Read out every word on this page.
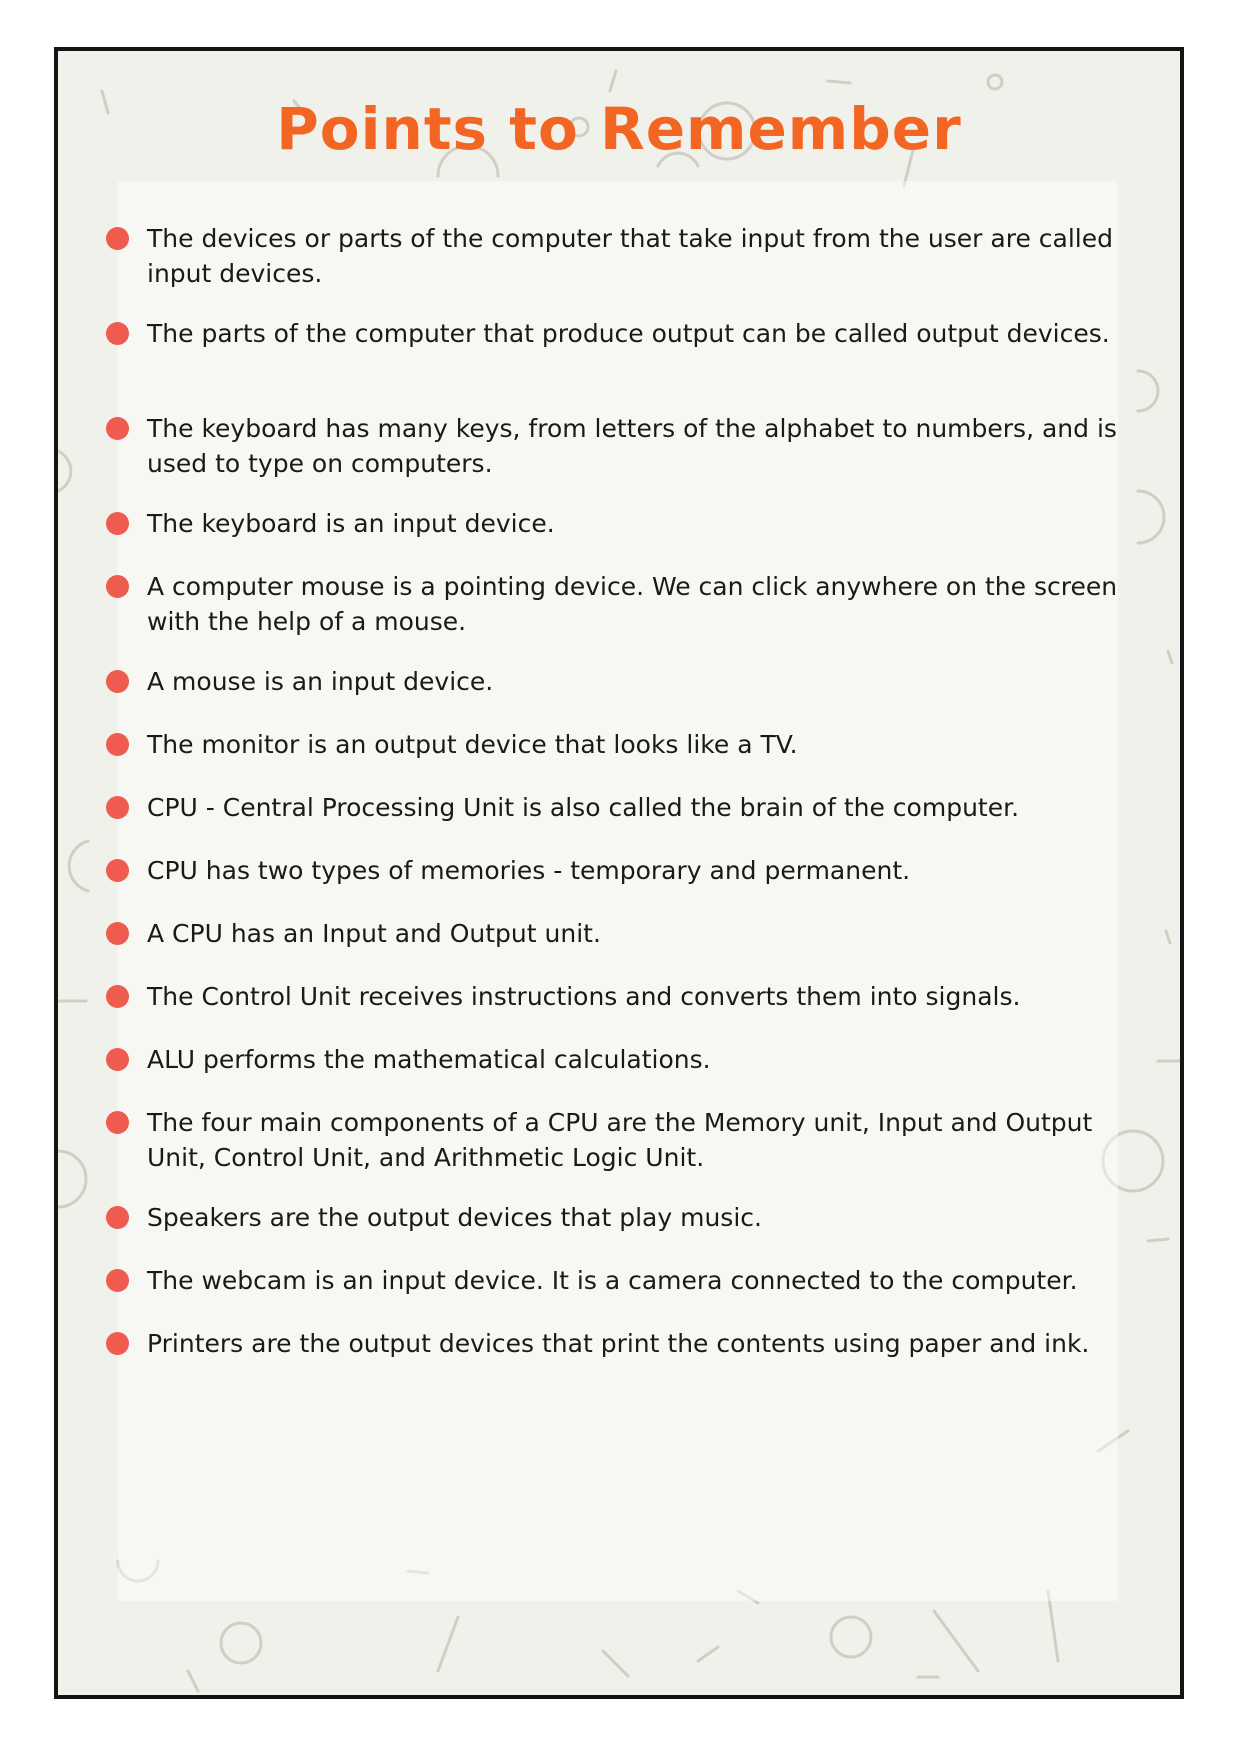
Points to Remember
The devices or parts of the computer that take input from the user are called input devices.
The parts of the computer that produce output can be called output devices.
The keyboard has many keys, from letters of the alphabet to numbers, and is used to type on computers.
The keyboard is an input device.
A computer mouse is a pointing device. We can click anywhere on the screen with the help of a mouse.
A mouse is an input device.
The monitor is an output device that looks like a TV.
CPU - Central Processing Unit is also called the brain of the computer.
CPU has two types of memories - temporary and permanent.
A CPU has an Input and Output unit.
The Control Unit receives instructions and converts them into signals.
ALU performs the mathematical calculations.
The four main components of a CPU are the Memory unit, Input and Output Unit, Control Unit, and Arithmetic Logic Unit.
Speakers are the output devices that play music.
The webcam is an input device. It is a camera connected to the computer.
Printers are the output devices that print the contents using paper and ink.
